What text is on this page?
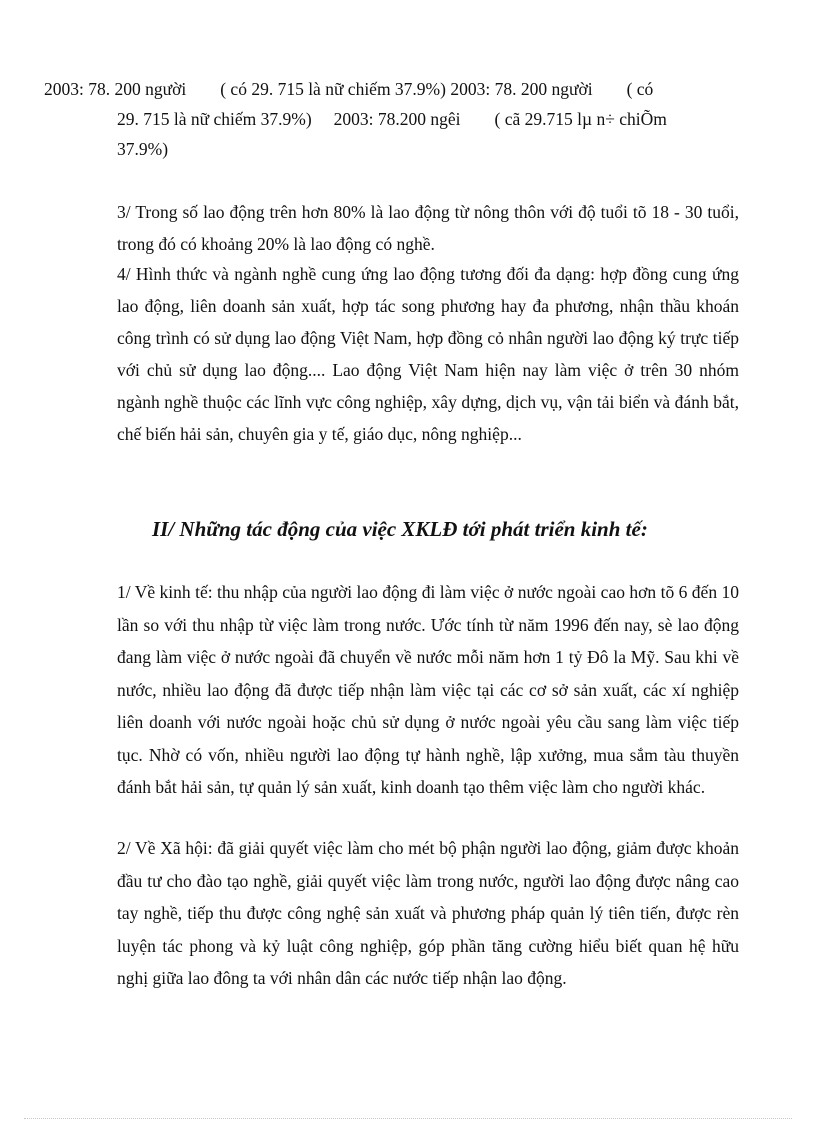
2003: 78. 200 người ( có 29. 715 là nữ chiếm 37.9%) 2003: 78. 200 người ( có
29. 715 là nữ chiếm 37.9%) 2003: 78.200 ngêi ( cã 29.715 lµ n÷ chiÕm
37.9%)

3/ Trong số lao động trên hơn 80% là lao động từ nông thôn với độ tuổi tõ 18 - 30 tuổi, trong đó có khoảng 20% là lao động có nghề.

4/ Hình thức và ngành nghề cung ứng lao động tương đối đa dạng: hợp đồng cung ứng lao động, liên doanh sản xuất, hợp tác song phương hay đa phương, nhận thầu khoán công trình có sử dụng lao động Việt Nam, hợp đồng cỏ nhân người lao động ký trực tiếp với chủ sử dụng lao động.... Lao động Việt Nam hiện nay làm việc ở trên 30 nhóm ngành nghề thuộc các lĩnh vực công nghiệp, xây dựng, dịch vụ, vận tải biển và đánh bắt, chế biến hải sản, chuyên gia y tế, giáo dục, nông nghiệp...

II/ Những tác động của việc XKLĐ tới phát triển kinh tế:

1/ Về kinh tế: thu nhập của người lao động đi làm việc ở nước ngoài cao hơn tõ 6 đến 10 lần so với thu nhập từ việc làm trong nước. Ước tính từ năm 1996 đến nay, sè lao động đang làm việc ở nước ngoài đã chuyển về nước mỗi năm hơn 1 tỷ Đô la Mỹ. Sau khi về nước, nhiều lao động đã được tiếp nhận làm việc tại các cơ sở sản xuất, các xí nghiệp liên doanh với nước ngoài hoặc chủ sử dụng ở nước ngoài yêu cầu sang làm việc tiếp tục. Nhờ có vốn, nhiều người lao động tự hành nghề, lập xưởng, mua sắm tàu thuyền đánh bắt hải sản, tự quản lý sản xuất, kinh doanh tạo thêm việc làm cho người khác.

2/ Về Xã hội: đã giải quyết việc làm cho mét bộ phận người lao động, giảm được khoản đầu tư cho đào tạo nghề, giải quyết việc làm trong nước, người lao động được nâng cao tay nghề, tiếp thu được công nghệ sản xuất và phương pháp quản lý tiên tiến, được rèn luyện tác phong và kỷ luật công nghiệp, góp phần tăng cường hiểu biết quan hệ hữu nghị giữa lao đông ta với nhân dân các nước tiếp nhận lao động.
